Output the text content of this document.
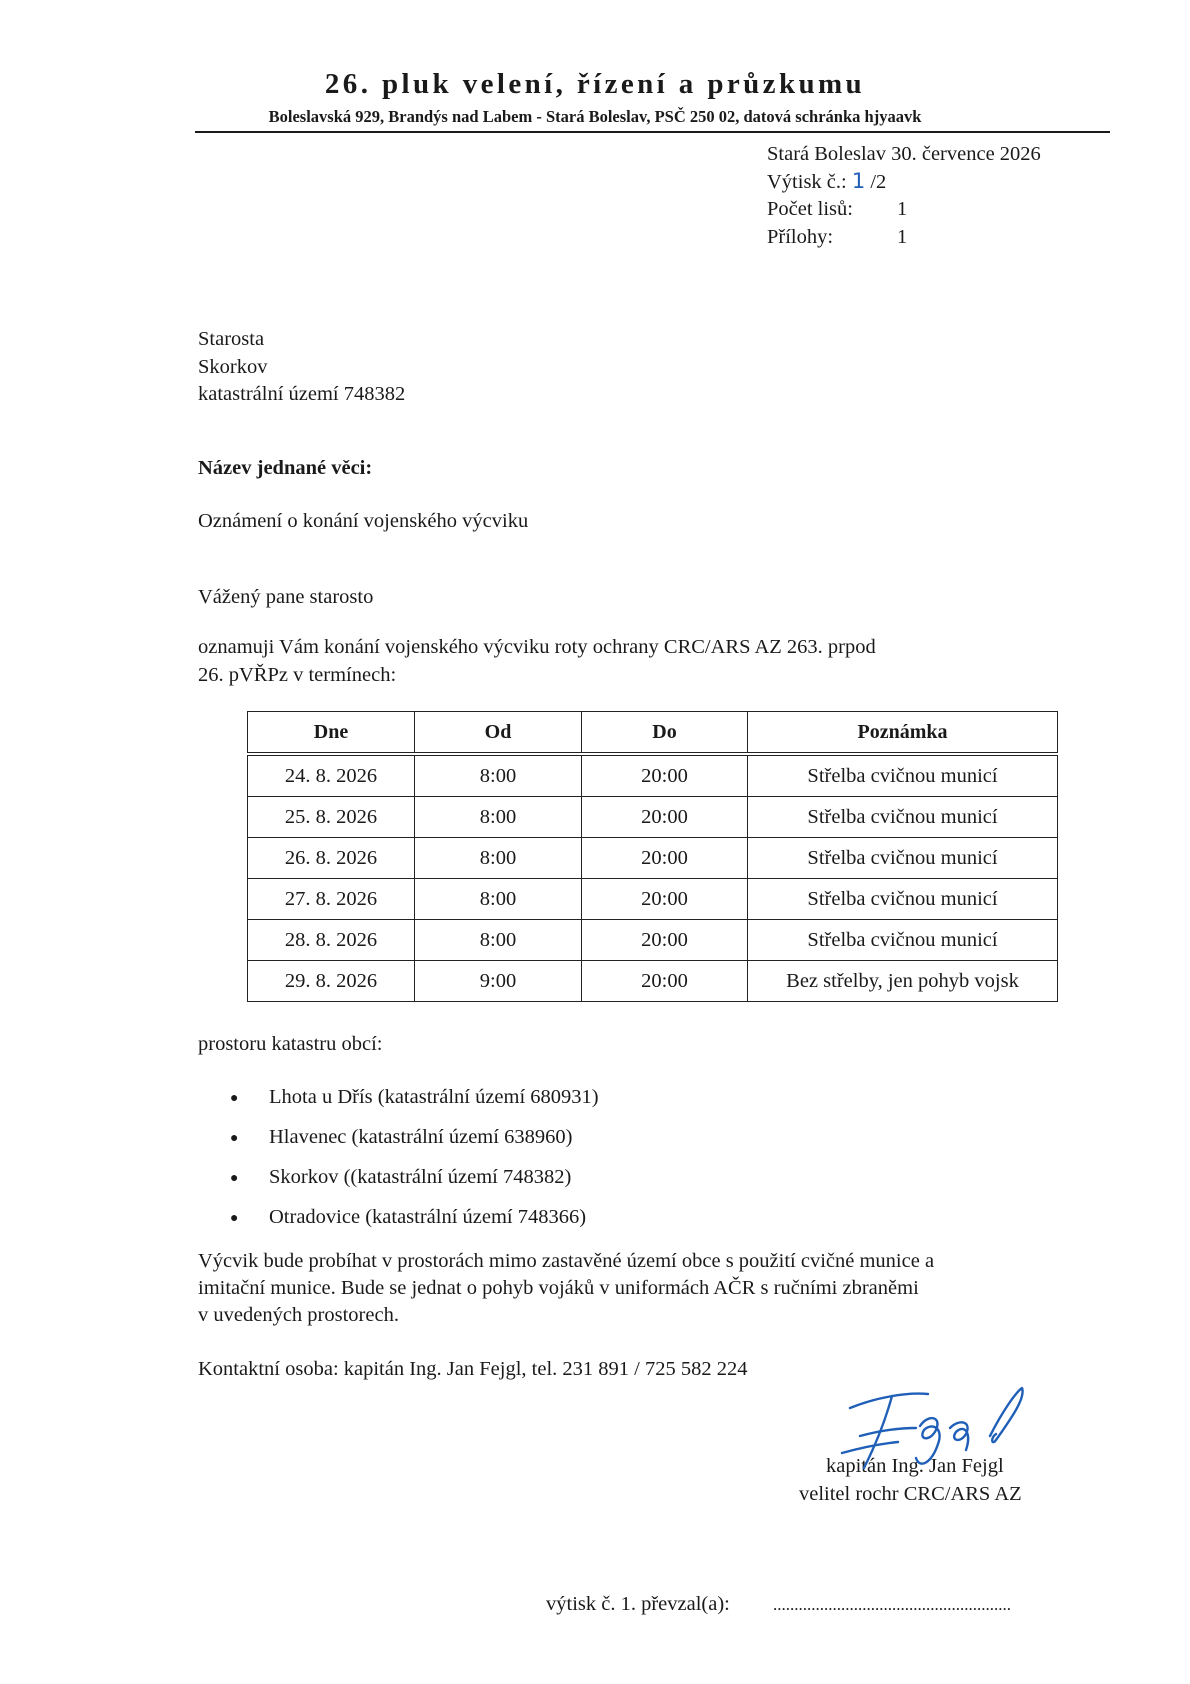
26. pluk velení, řízení a průzkumu
Boleslavská 929, Brandýs nad Labem - Stará Boleslav, PSČ 250 02, datová schránka hjyaavk
Stará Boleslav 30. července 2026
Výtisk č.: 1 /2
Počet lisů: 1
Přílohy:	1
Starosta
Skorkov
katastrální území 748382
Název jednané věci:
Oznámení o konání vojenského výcviku
Vážený pane starosto
oznamuji Vám konání vojenského výcviku roty ochrany CRC/ARS AZ 263. prpod
26. pVŘPz v termínech:
Dne	Od	Do	Poznámka
24. 8. 2026	8:00	20:00	Střelba cvičnou municí
25. 8. 2026	8:00	20:00	Střelba cvičnou municí
26. 8. 2026	8:00	20:00	Střelba cvičnou municí
27. 8. 2026	8:00	20:00	Střelba cvičnou municí
28. 8. 2026	8:00	20:00	Střelba cvičnou municí
29. 8. 2026	9:00	20:00	Bez střelby, jen pohyb vojsk
prostoru katastru obcí:
● Lhota u Dřís (katastrální území 680931)
● Hlavenec (katastrální území 638960)
● Skorkov ((katastrální území 748382)
● Otradovice (katastrální území 748366)
Výcvik bude probíhat v prostorách mimo zastavěné území obce s použití cvičné munice a
imitační munice. Bude se jednat o pohyb vojáků v uniformách AČR s ručními zbraněmi
v uvedených prostorech.
Kontaktní osoba: kapitán Ing. Jan Fejgl, tel. 231 891 / 725 582 224
kapitán Ing. Jan Fejgl
velitel rochr CRC/ARS AZ
výtisk č. 1. převzal(a):	........................................................
